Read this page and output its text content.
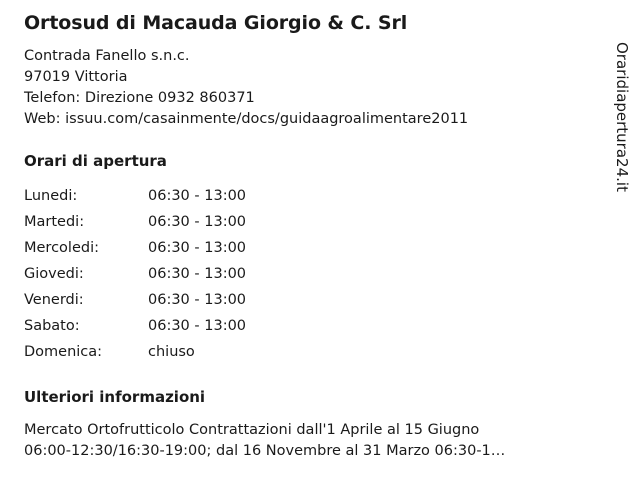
Ortosud di Macauda Giorgio & C. Srl
Contrada Fanello s.n.c.
97019 Vittoria
Telefon: Direzione 0932 860371
Web: issuu.com/casainmente/docs/guidaagroalimentare2011
Orari di apertura
Lunedi:	06:30 - 13:00
Martedi:	06:30 - 13:00
Mercoledi:	06:30 - 13:00
Giovedi:	06:30 - 13:00
Venerdi:	06:30 - 13:00
Sabato:	06:30 - 13:00
Domenica:	chiuso
Ulteriori informazioni
Mercato Ortofrutticolo Contrattazioni dall'1 Aprile al 15 Giugno
06:00-12:30/16:30-19:00; dal 16 Novembre al 31 Marzo 06:30-1…
Oraridiapertura24.it
